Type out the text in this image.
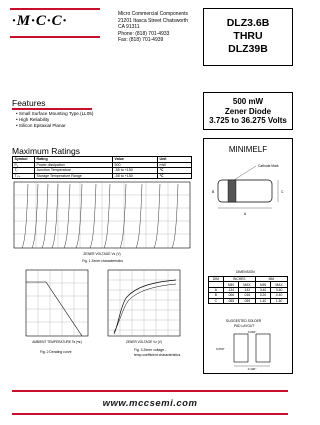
·M·C·C·	Micro Commercial Components
21201 Itasca Street Chatsworth
CA 91311
Phone: (818) 701-4933
Fax: (818) 701-4939
DLZ3.6B
THRU
DLZ39B
Features
• Small Surface Mounting Type.(LL05)
• High Reliability
• Silicon Epitaxial Planar
500 mW
Zener Diode
3.725 to 36.275 Volts
Maximum Ratings
Symbol	Rating	Value	Unit
P₄	Power dissipation	500	mW
Tⱼ	Junction Temperature	-55 to +150	℃
Tₛₜᵧ	Storage Temperature Range	-55 to +150	℃
ZENER VOLTAGE Vz (V)
Fig. 1 Zener characteristics
AMBIENT TEMPERATURE Ta (℃)
Fig. 2 Derating curve
ZENER VOLTAGE Vz (V)
Fig. 3 Zener voltage -
temp coefficient characteristics
MINIMELF
Cathode Mark
A
C
B
DIMENSION
DIM	INCHES		MM	
	MIN	MAX	MIN	MAX
A	.134	.142	3.40	3.60
B	.006	.016	0.20	0.40
C	.055	.059	1.40	1.50
SUGGESTED SOLDER
PAD LAYOUT
0.100"
0.050"
0.094"
www.mccsemi.com
